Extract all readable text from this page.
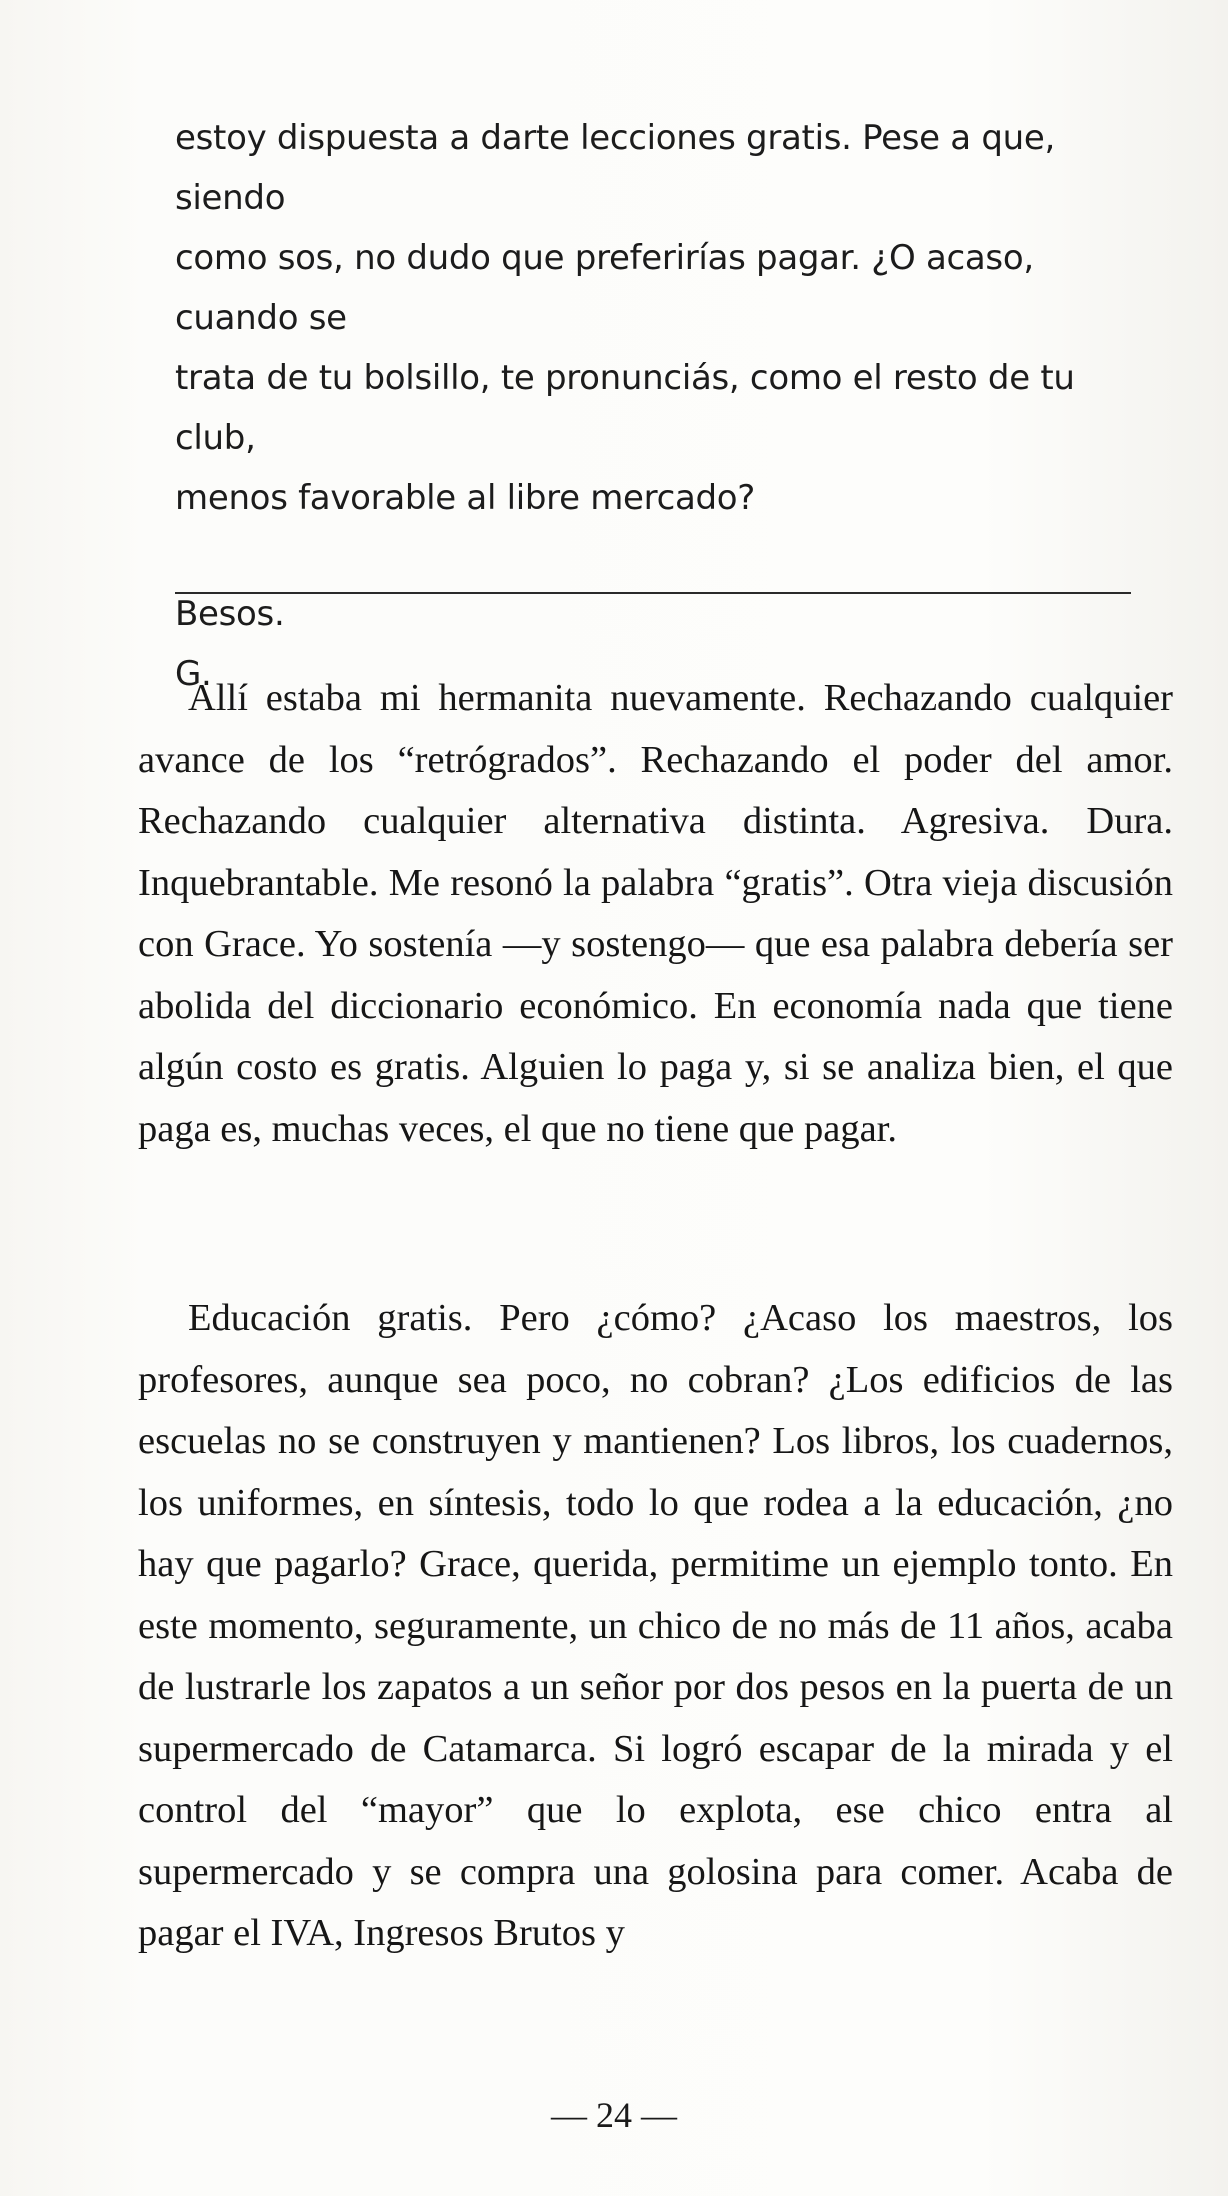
estoy dispuesta a darte lecciones gratis. Pese a que, siendo

como sos, no dudo que preferirías pagar. ¿O acaso, cuando se

trata de tu bolsillo, te pronunciás, como el resto de tu club,

menos favorable al libre mercado?

Besos.

G.

Allí estaba mi hermanita nuevamente. Rechazando cualquier avance de los “retrógrados”. Rechazando el poder del amor. Rechazando cualquier alternativa distinta. Agresiva. Dura. Inquebrantable. Me resonó la palabra “gratis”. Otra vieja discusión con Grace. Yo sostenía —y sostengo— que esa palabra debería ser abolida del diccionario económico. En economía nada que tiene algún costo es gratis. Alguien lo paga y, si se analiza bien, el que paga es, muchas veces, el que no tiene que pagar.

Educación gratis. Pero ¿cómo? ¿Acaso los maestros, los profesores, aunque sea poco, no cobran? ¿Los edificios de las escuelas no se construyen y mantienen? Los libros, los cuadernos, los uniformes, en síntesis, todo lo que rodea a la educación, ¿no hay que pagarlo? Grace, querida, permitime un ejemplo tonto. En este momento, seguramente, un chico de no más de 11 años, acaba de lustrarle los zapatos a un señor por dos pesos en la puerta de un supermercado de Catamarca. Si logró escapar de la mirada y el control del “mayor” que lo explota, ese chico entra al supermercado y se compra una golosina para comer. Acaba de pagar el IVA, Ingresos Brutos y

— 24 —
